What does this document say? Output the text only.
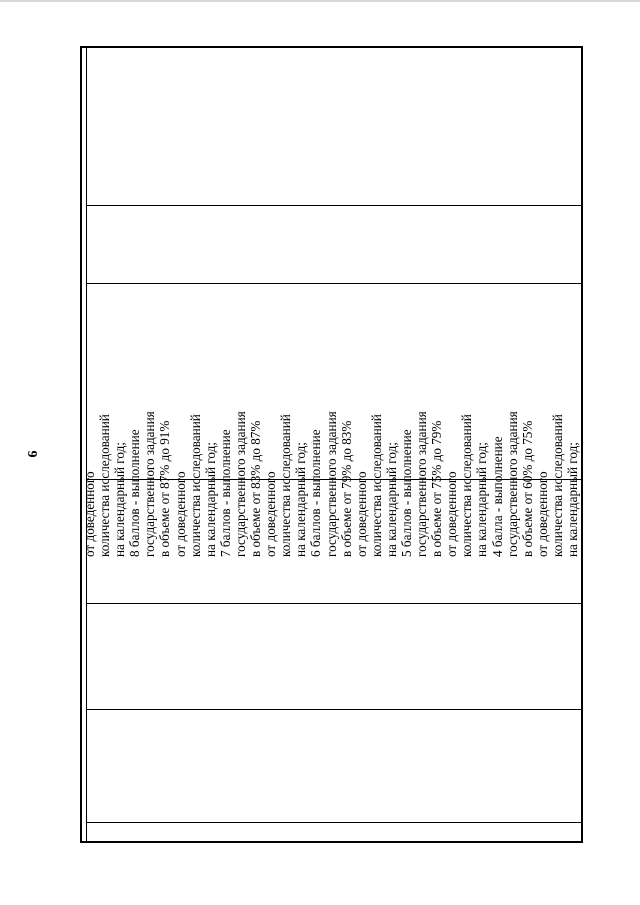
6
от доведенного количества исследований на календарный год; 8 баллов - выполнение государственного задания в объеме от 87% до 91% от доведенного количества исследований на календарный год; 7 баллов - выполнение государственного задания в объеме от 83% до 87% от доведенного количества исследований на календарный год; 6 баллов - выполнение государственного задания в объеме от 79% до 83% от доведенного количества исследований на календарный год; 5 баллов - выполнение государственного задания в объеме от 75% до 79% от доведенного количества исследований на календарный год; 4 балла - выполнение государственного задания в объеме от 60% до 75% от доведенного количества исследований на календарный год;
